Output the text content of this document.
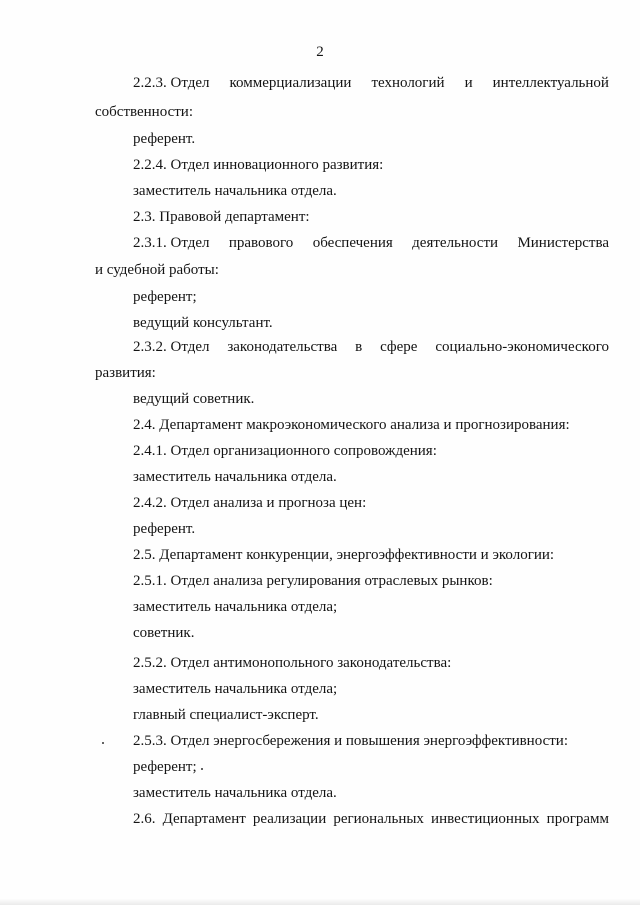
2
2.2.3. Отдел коммерциализации технологий и интеллектуальной
собственности:
референт.
2.2.4. Отдел инновационного развития:
заместитель начальника отдела.
2.3. Правовой департамент:
2.3.1. Отдел правового обеспечения деятельности Министерства
и судебной работы:
референт;
ведущий консультант.
2.3.2. Отдел законодательства в сфере социально-экономического
развития:
ведущий советник.
2.4. Департамент макроэкономического анализа и прогнозирования:
2.4.1. Отдел организационного сопровождения:
заместитель начальника отдела.
2.4.2. Отдел анализа и прогноза цен:
референт.
2.5. Департамент конкуренции, энергоэффективности и экологии:
2.5.1. Отдел анализа регулирования отраслевых рынков:
заместитель начальника отдела;
советник.
2.5.2. Отдел антимонопольного законодательства:
заместитель начальника отдела;
главный специалист-эксперт.
2.5.3. Отдел энергосбережения и повышения энергоэффективности:
референт;
заместитель начальника отдела.
2.6. Департамент реализации региональных инвестиционных программ
